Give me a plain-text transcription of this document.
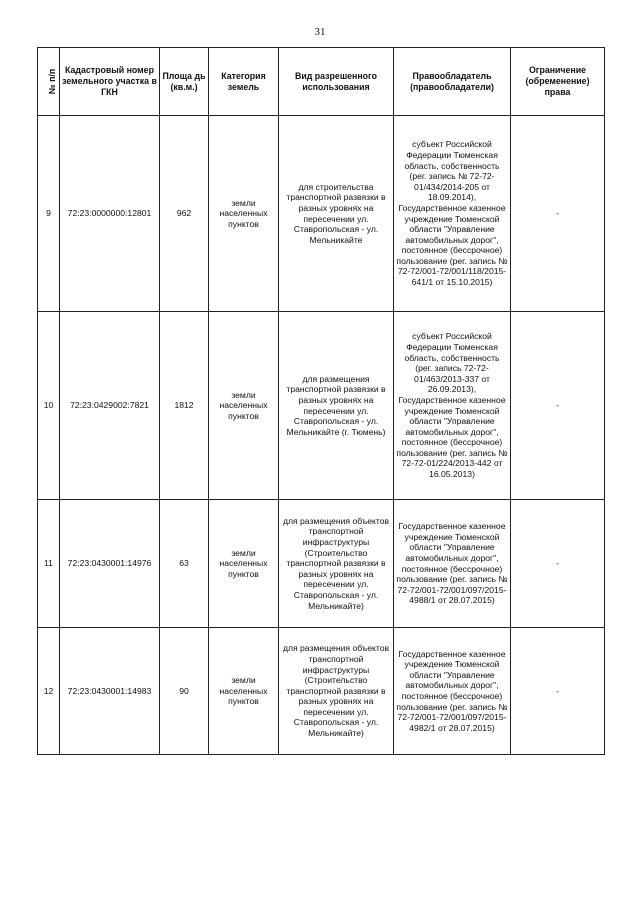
31
№ п/п	Кадастровый номер земельного участка в ГКН	Площа дь (кв.м.)	Категория земель	Вид разрешенного использования	Правообладатель (правообладатели)	Ограничение (обременение) права
9	72:23:0000000:12801	962	земли населенных пунктов	для строительства транспортной развязки в разных уровнях на пересечении ул. Ставропольская - ул. Мельникайте	субъект Российской Федерации Тюменская область, собственность (рег. запись № 72-72-01/434/2014-205 от 18.09.2014), Государственное казенное учреждение Тюменской области "Управление автомобильных дорог", постоянное (бессрочное) пользование (рег. запись № 72-72/001-72/001/118/2015-641/1 от 15.10.2015)	-
10	72:23:0429002:7821	1812	земли населенных пунктов	для размещения транспортной развязки в разных уровнях на пересечении ул. Ставропольская - ул. Мельникайте (г. Тюмень)	субъект Российской Федерации Тюменская область, собственность (рег. запись 72-72-01/463/2013-337 от 26.09.2013), Государственное казенное учреждение Тюменской области "Управление автомобильных дорог", постоянное (бессрочное) пользование (рег. запись № 72-72-01/224/2013-442 от 16.05.2013)	-
11	72:23:0430001:14976	63	земли населенных пунктов	для размещения объектов транспортной инфраструктуры (Строительство транспортной развязки в разных уровнях на пересечении ул. Ставропольская - ул. Мельникайте)	Государственное казенное учреждение Тюменской области "Управление автомобильных дорог", постоянное (бессрочное) пользование (рег. запись № 72-72/001-72/001/097/2015-4988/1 от 28.07.2015)	-
12	72:23:0430001:14983	90	земли населенных пунктов	для размещения объектов транспортной инфраструктуры (Строительство транспортной развязки в разных уровнях на пересечении ул. Ставропольская - ул. Мельникайте)	Государственное казенное учреждение Тюменской области "Управление автомобильных дорог", постоянное (бессрочное) пользование (рег. запись № 72-72/001-72/001/097/2015-4982/1 от 28.07.2015)	-
